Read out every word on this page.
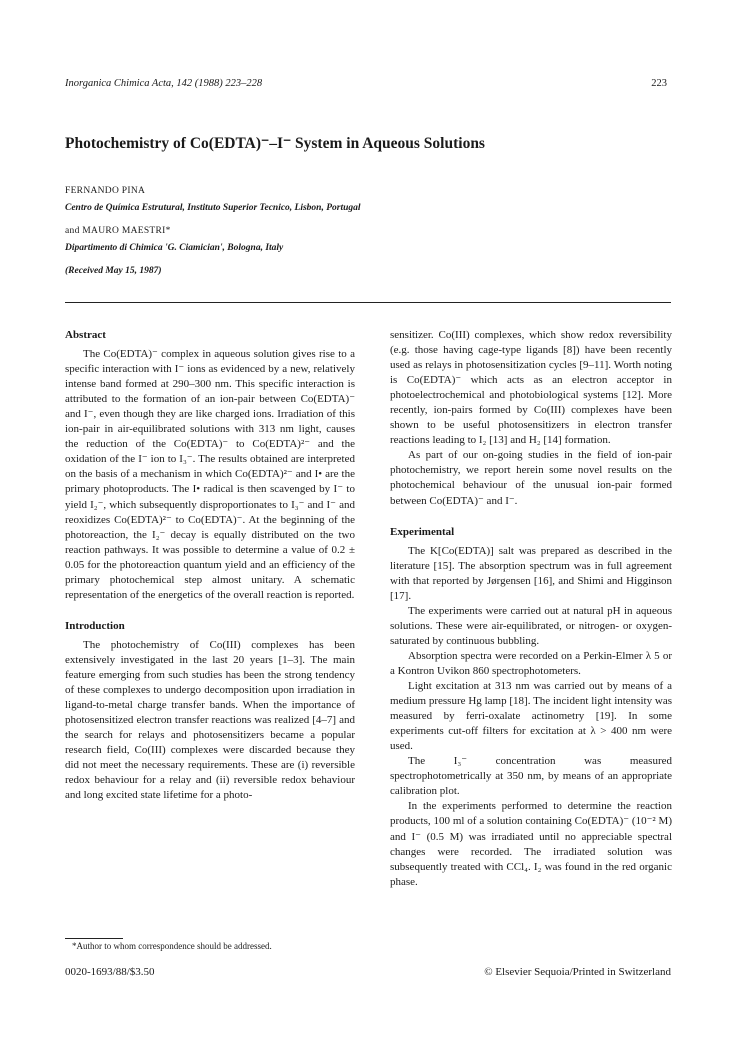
Inorganica Chimica Acta, 142 (1988) 223–228	223
Photochemistry of Co(EDTA)⁻–I⁻ System in Aqueous Solutions
FERNANDO PINA
Centro de Química Estrutural, Instituto Superior Tecnico, Lisbon, Portugal
and MAURO MAESTRI*
Dipartimento di Chimica 'G. Ciamician', Bologna, Italy
(Received May 15, 1987)
Abstract

The Co(EDTA)⁻ complex in aqueous solution gives rise to a specific interaction with I⁻ ions as evidenced by a new, relatively intense band formed at 290–300 nm. This specific interaction is attributed to the formation of an ion-pair between Co(EDTA)⁻ and I⁻, even though they are like charged ions. Irradiation of this ion-pair in air-equilibrated solutions with 313 nm light, causes the reduction of the Co(EDTA)⁻ to Co(EDTA)²⁻ and the oxidation of the I⁻ ion to I₃⁻. The results obtained are interpreted on the basis of a mechanism in which Co(EDTA)²⁻ and I• are the primary photoproducts. The I• radical is then scavenged by I⁻ to yield I₂⁻, which subsequently disproportionates to I₃⁻ and I⁻ and reoxidizes Co(EDTA)²⁻ to Co(EDTA)⁻. At the beginning of the photoreaction, the I₂⁻ decay is equally distributed on the two reaction pathways. It was possible to determine a value of 0.2 ± 0.05 for the photoreaction quantum yield and an efficiency of the primary photochemical step almost unitary. A schematic representation of the energetics of the overall reaction is reported.

Introduction

The photochemistry of Co(III) complexes has been extensively investigated in the last 20 years [1–3]. The main feature emerging from such studies has been the strong tendency of these complexes to undergo decomposition upon irradiation in ligand-to-metal charge transfer bands. When the importance of photosensitized electron transfer reactions was realized [4–7] and the search for relays and photosensitizers became a popular research field, Co(III) complexes were discarded because they did not meet the necessary requirements. These are (i) reversible redox behaviour for a relay and (ii) reversible redox behaviour and long excited state lifetime for a photo-

sensitizer. Co(III) complexes, which show redox reversibility (e.g. those having cage-type ligands [8]) have been recently used as relays in photosensitization cycles [9–11]. Worth noting is Co(EDTA)⁻ which acts as an electron acceptor in photoelectrochemical and photobiological systems [12]. More recently, ion-pairs formed by Co(III) complexes have been shown to be useful photosensitizers in electron transfer reactions leading to I₂ [13] and H₂ [14] formation.

As part of our on-going studies in the field of ion-pair photochemistry, we report herein some novel results on the photochemical behaviour of the unusual ion-pair formed between Co(EDTA)⁻ and I⁻.

Experimental

The K[Co(EDTA)] salt was prepared as described in the literature [15]. The absorption spectrum was in full agreement with that reported by Jørgensen [16], and Shimi and Higginson [17].

The experiments were carried out at natural pH in aqueous solutions. These were air-equilibrated, or nitrogen- or oxygen-saturated by continuous bubbling.

Absorption spectra were recorded on a Perkin-Elmer λ 5 or a Kontron Uvikon 860 spectrophotometers.

Light excitation at 313 nm was carried out by means of a medium pressure Hg lamp [18]. The incident light intensity was measured by ferri-oxalate actinometry [19]. In some experiments cut-off filters for excitation at λ > 400 nm were used.

The I₃⁻ concentration was measured spectrophotometrically at 350 nm, by means of an appropriate calibration plot.

In the experiments performed to determine the reaction products, 100 ml of a solution containing Co(EDTA)⁻ (10⁻² M) and I⁻ (0.5 M) was irradiated until no appreciable spectral changes were recorded. The irradiated solution was subsequently treated with CCl₄. I₂ was found in the red organic phase.

*Author to whom correspondence should be addressed.
0020-1693/88/$3.50	© Elsevier Sequoia/Printed in Switzerland
